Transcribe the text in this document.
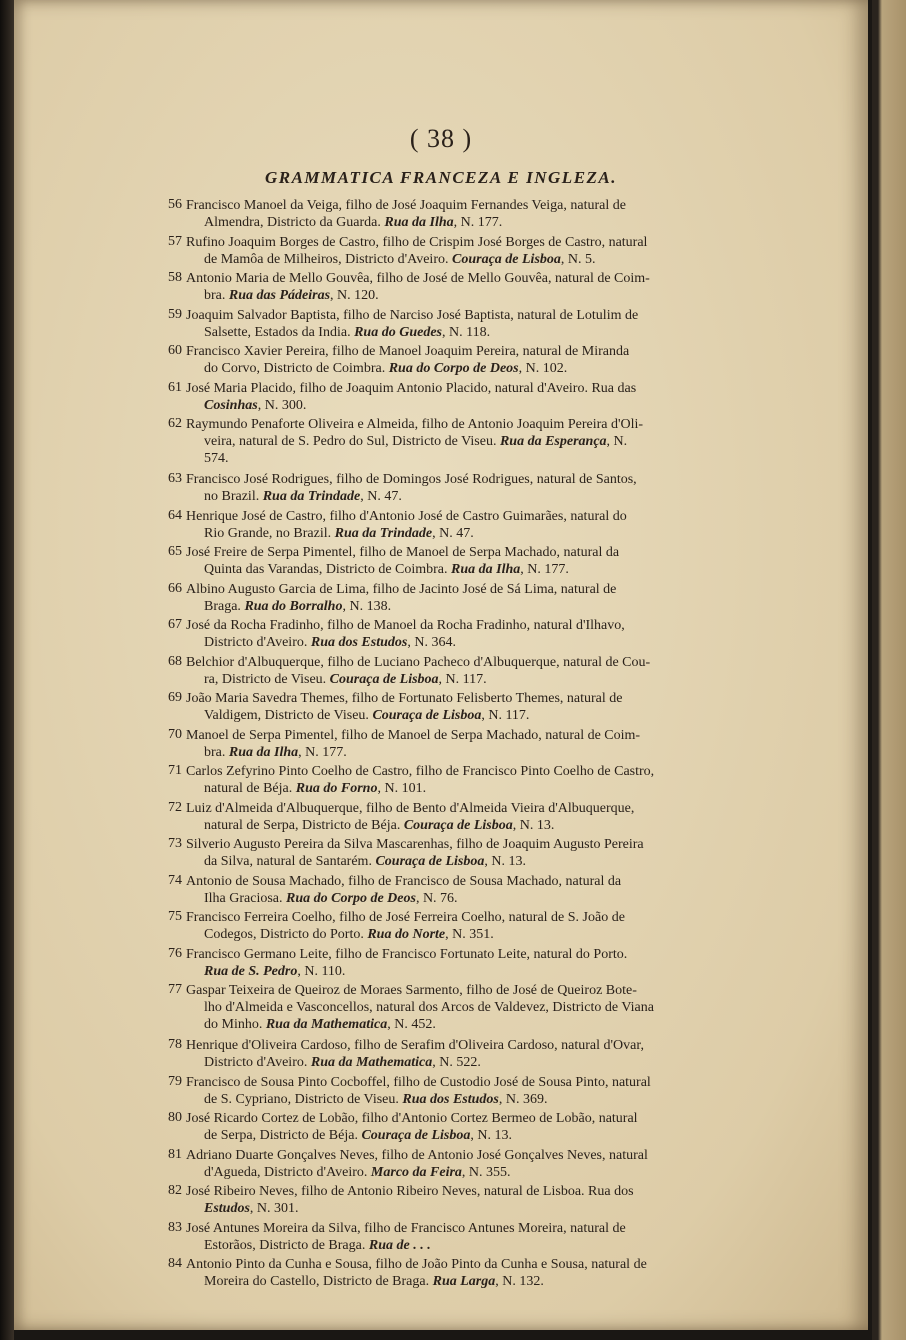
( 38 )
GRAMMATICA FRANCEZA E INGLEZA.
56 Francisco Manoel da Veiga, filho de José Joaquim Fernandes Veiga, natural de
Almendra, Districto da Guarda. Rua da Ilha, N. 177.
57 Rufino Joaquim Borges de Castro, filho de Crispim José Borges de Castro, natural
de Mamôa de Milheiros, Districto d'Aveiro. Couraça de Lisboa, N. 5.
58 Antonio Maria de Mello Gouvêa, filho de José de Mello Gouvêa, natural de Coim-
bra. Rua das Pádeiras, N. 120.
59 Joaquim Salvador Baptista, filho de Narciso José Baptista, natural de Lotulim de
Salsette, Estados da India. Rua do Guedes, N. 118.
60 Francisco Xavier Pereira, filho de Manoel Joaquim Pereira, natural de Miranda
do Corvo, Districto de Coimbra. Rua do Corpo de Deos, N. 102.
61 José Maria Placido, filho de Joaquim Antonio Placido, natural d'Aveiro. Rua das
Cosinhas, N. 300.
62 Raymundo Penaforte Oliveira e Almeida, filho de Antonio Joaquim Pereira d'Oli-
veira, natural de S. Pedro do Sul, Districto de Viseu. Rua da Esperança, N.
574.
63 Francisco José Rodrigues, filho de Domingos José Rodrigues, natural de Santos,
no Brazil. Rua da Trindade, N. 47.
64 Henrique José de Castro, filho d'Antonio José de Castro Guimarães, natural do
Rio Grande, no Brazil. Rua da Trindade, N. 47.
65 José Freire de Serpa Pimentel, filho de Manoel de Serpa Machado, natural da
Quinta das Varandas, Districto de Coimbra. Rua da Ilha, N. 177.
66 Albino Augusto Garcia de Lima, filho de Jacinto José de Sá Lima, natural de
Braga. Rua do Borralho, N. 138.
67 José da Rocha Fradinho, filho de Manoel da Rocha Fradinho, natural d'Ilhavo,
Districto d'Aveiro. Rua dos Estudos, N. 364.
68 Belchior d'Albuquerque, filho de Luciano Pacheco d'Albuquerque, natural de Cou-
ra, Districto de Viseu. Couraça de Lisboa, N. 117.
69 João Maria Savedra Themes, filho de Fortunato Felisberto Themes, natural de
Valdigem, Districto de Viseu. Couraça de Lisboa, N. 117.
70 Manoel de Serpa Pimentel, filho de Manoel de Serpa Machado, natural de Coim-
bra. Rua da Ilha, N. 177.
71 Carlos Zefyrino Pinto Coelho de Castro, filho de Francisco Pinto Coelho de Castro,
natural de Béja. Rua do Forno, N. 101.
72 Luiz d'Almeida d'Albuquerque, filho de Bento d'Almeida Vieira d'Albuquerque,
natural de Serpa, Districto de Béja. Couraça de Lisboa, N. 13.
73 Silverio Augusto Pereira da Silva Mascarenhas, filho de Joaquim Augusto Pereira
da Silva, natural de Santarém. Couraça de Lisboa, N. 13.
74 Antonio de Sousa Machado, filho de Francisco de Sousa Machado, natural da
Ilha Graciosa. Rua do Corpo de Deos, N. 76.
75 Francisco Ferreira Coelho, filho de José Ferreira Coelho, natural de S. João de
Codegos, Districto do Porto. Rua do Norte, N. 351.
76 Francisco Germano Leite, filho de Francisco Fortunato Leite, natural do Porto.
Rua de S. Pedro, N. 110.
77 Gaspar Teixeira de Queiroz de Moraes Sarmento, filho de José de Queiroz Bote-
lho d'Almeida e Vasconcellos, natural dos Arcos de Valdevez, Districto de Viana
do Minho. Rua da Mathematica, N. 452.
78 Henrique d'Oliveira Cardoso, filho de Serafim d'Oliveira Cardoso, natural d'Ovar,
Districto d'Aveiro. Rua da Mathematica, N. 522.
79 Francisco de Sousa Pinto Cocboffel, filho de Custodio José de Sousa Pinto, natural
de S. Cypriano, Districto de Viseu. Rua dos Estudos, N. 369.
80 José Ricardo Cortez de Lobão, filho d'Antonio Cortez Bermeo de Lobão, natural
de Serpa, Districto de Béja. Couraça de Lisboa, N. 13.
81 Adriano Duarte Gonçalves Neves, filho de Antonio José Gonçalves Neves, natural
d'Agueda, Districto d'Aveiro. Marco da Feira, N. 355.
82 José Ribeiro Neves, filho de Antonio Ribeiro Neves, natural de Lisboa. Rua dos
Estudos, N. 301.
83 José Antunes Moreira da Silva, filho de Francisco Antunes Moreira, natural de
Estorãos, Districto de Braga. Rua de . . .
84 Antonio Pinto da Cunha e Sousa, filho de João Pinto da Cunha e Sousa, natural de
Moreira do Castello, Districto de Braga. Rua Larga, N. 132.
